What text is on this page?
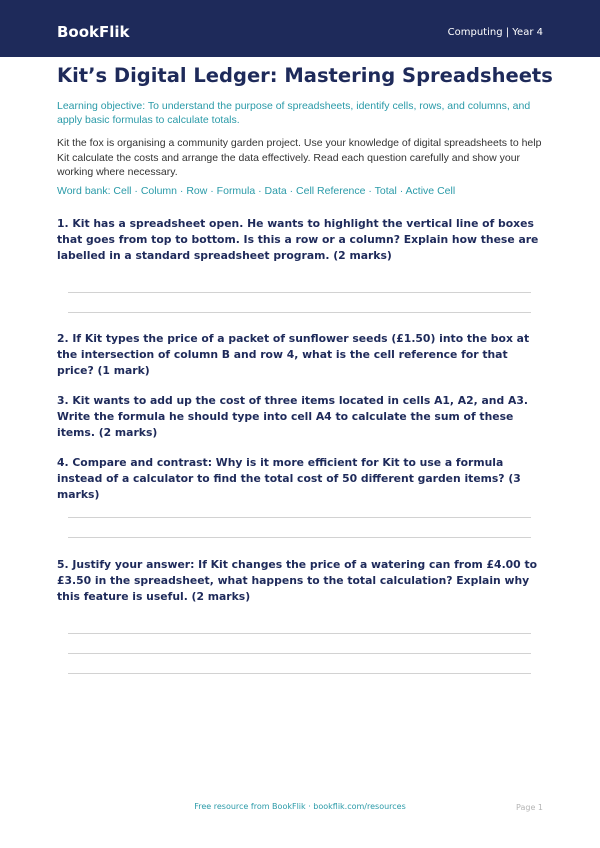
BookFlik	Computing | Year 4
Kit’s Digital Ledger: Mastering Spreadsheets

Learning objective: To understand the purpose of spreadsheets, identify cells, rows, and columns, and apply basic formulas to calculate totals.

Kit the fox is organising a community garden project. Use your knowledge of digital spreadsheets to help Kit calculate the costs and arrange the data effectively. Read each question carefully and show your working where necessary.

Word bank: Cell · Column · Row · Formula · Data · Cell Reference · Total · Active Cell

1. Kit has a spreadsheet open. He wants to highlight the vertical line of boxes that goes from top to bottom. Is this a row or a column? Explain how these are labelled in a standard spreadsheet program. (2 marks)

2. If Kit types the price of a packet of sunflower seeds (£1.50) into the box at the intersection of column B and row 4, what is the cell reference for that price? (1 mark)

3. Kit wants to add up the cost of three items located in cells A1, A2, and A3. Write the formula he should type into cell A4 to calculate the sum of these items. (2 marks)

4. Compare and contrast: Why is it more efficient for Kit to use a formula instead of a calculator to find the total cost of 50 different garden items? (3 marks)

5. Justify your answer: If Kit changes the price of a watering can from £4.00 to £3.50 in the spreadsheet, what happens to the total calculation? Explain why this feature is useful. (2 marks)

Free resource from BookFlik · bookflik.com/resources	Page 1
